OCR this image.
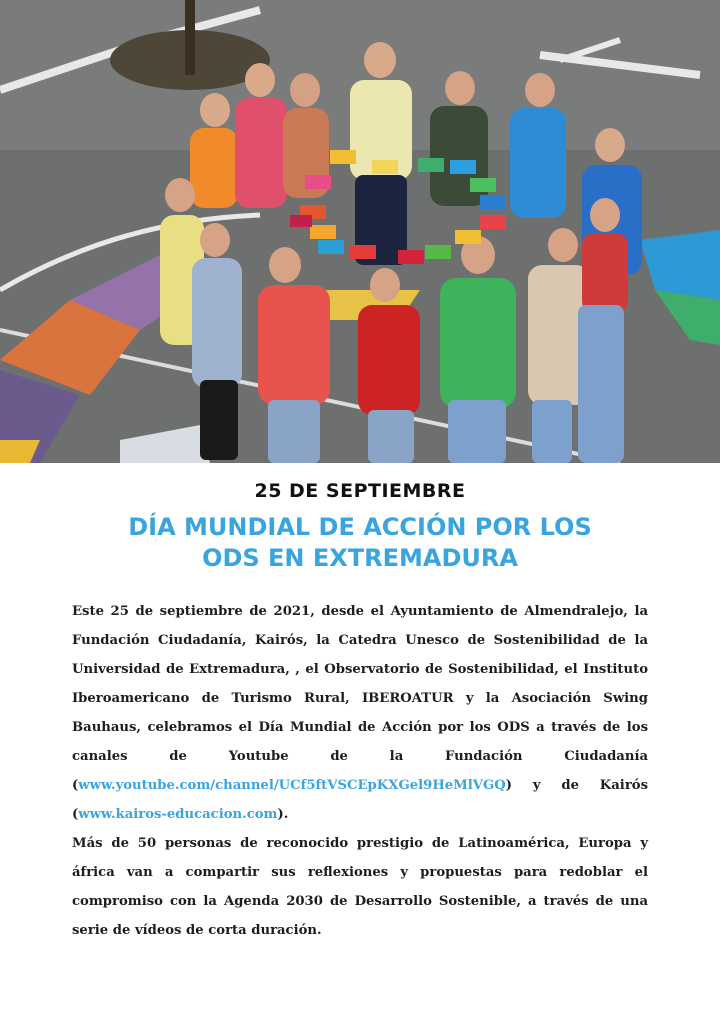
25 DE SEPTIEMBRE
DÍA MUNDIAL DE ACCIÓN POR LOS
ODS EN EXTREMADURA

Este 25 de septiembre de 2021, desde el Ayuntamiento de Almendralejo, la Fundación Ciudadanía, Kairós, la Catedra Unesco de Sostenibilidad de la Universidad de Extremadura, , el Observatorio de Sostenibilidad, el Instituto Iberoamericano de Turismo Rural, IBEROATUR y la Asociación Swing Bauhaus, celebramos el Día Mundial de Acción por los ODS a través de los canales de Youtube de la Fundación Ciudadanía (www.youtube.com/channel/UCf5ftVSCEpKXGel9HeMlVGQ) y de Kairós (www.kairos-educacion.com).

Más de 50 personas de reconocido prestigio de Latinoamérica, Europa y áfrica van a compartir sus reflexiones y propuestas para redoblar el compromiso con la Agenda 2030 de Desarrollo Sostenible, a través de una serie de vídeos de corta duración.
